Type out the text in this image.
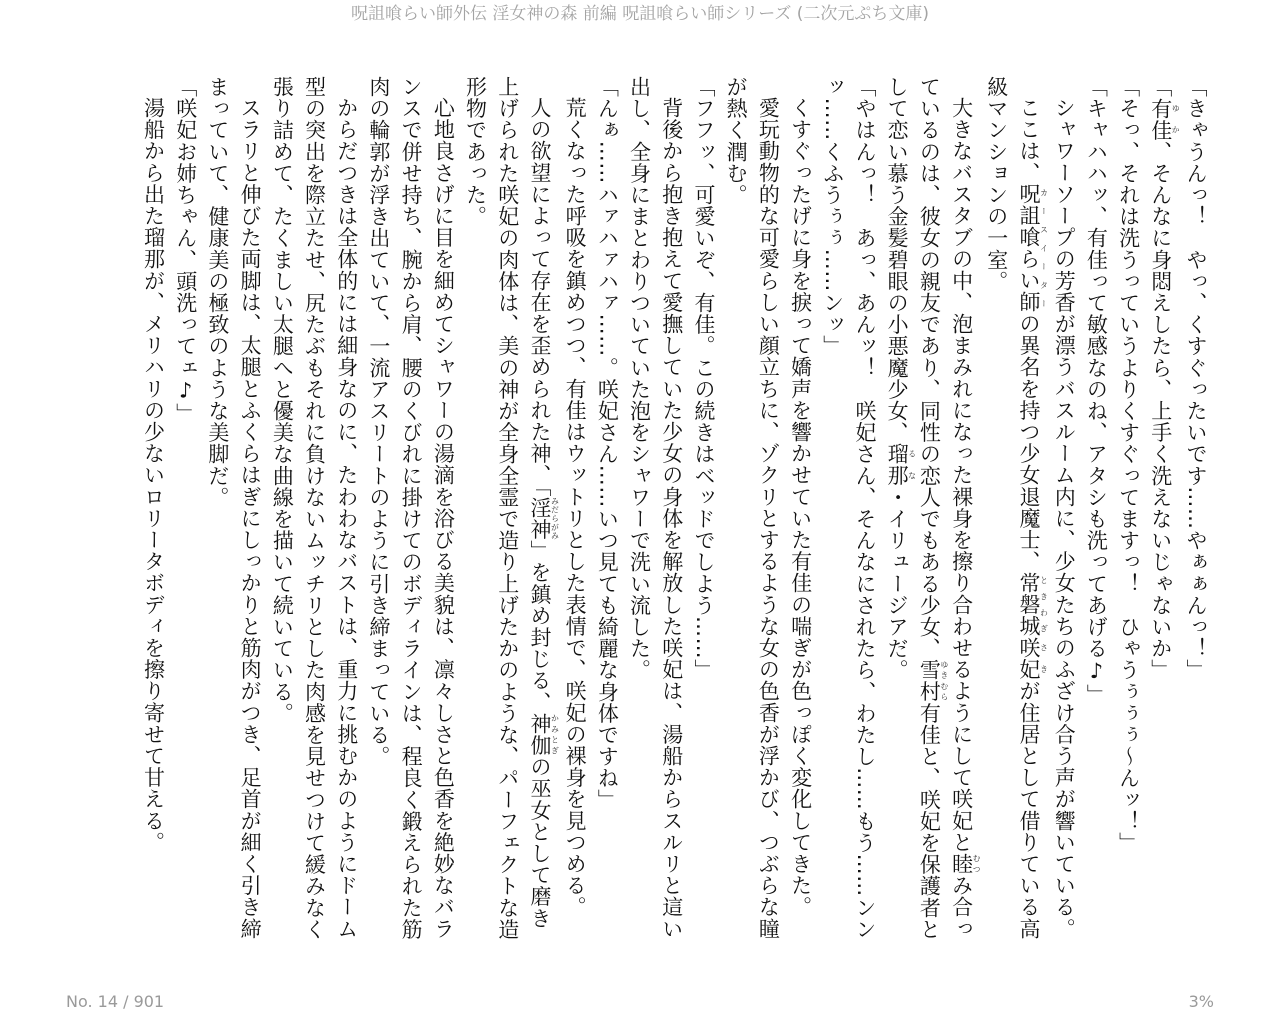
呪詛喰らい師外伝 淫女神の森 前編 呪詛喰らい師シリーズ (二次元ぷち文庫)

「きゃうんっ！　やっ、くすぐったいです……やぁぁんっ！」

「有佳ゆか、そんなに身悶えしたら、上手く洗えないじゃないか」

「そっ、それは洗うっていうよりくすぐってますっ！　ひゃうぅぅぅ～んッ！」

「キャハハッ、有佳って敏感なのね、アタシも洗ってあげる♪」

シャワーソープの芳香が漂うバスルーム内に、少女たちのふざけ合う声が響いている。

ここは、呪詛喰らい師カースイーターの異名を持つ少女退魔士、常磐城ときわぎ咲妃さきが住居として借りている高級マンションの一室。

大きなバスタブの中、泡まみれになった裸身を擦り合わせるようにして咲妃と睦むつみ合っているのは、彼女の親友であり、同性の恋人でもある少女、雪村ゆきむら有佳と、咲妃を保護者として恋い慕う金髪碧眼の小悪魔少女、瑠那るな・イリュージアだ。

「やはんっ！　あっ、あんッ！　咲妃さん、そんなにされたら、わたし……もう……ンンッ……くふうぅぅ……ンッ」

くすぐったげに身を捩って嬌声を響かせていた有佳の喘ぎが色っぽく変化してきた。

愛玩動物的な可愛らしい顔立ちに、ゾクリとするような女の色香が浮かび、つぶらな瞳が熱く潤む。

「フフッ、可愛いぞ、有佳。この続きはベッドでしよう……」

背後から抱き抱えて愛撫していた少女の身体を解放した咲妃は、湯船からスルリと這い出し、全身にまとわりついていた泡をシャワーで洗い流した。

「んぁ……ハァハァハァ……。咲妃さん……いつ見ても綺麗な身体ですね」

荒くなった呼吸を鎮めつつ、有佳はウットリとした表情で、咲妃の裸身を見つめる。

人の欲望によって存在を歪められた神、「淫神みだらがみ」を鎮め封じる、神伽かみとぎの巫女として磨き上げられた咲妃の肉体は、美の神が全身全霊で造り上げたかのような、パーフェクトな造形物であった。

心地良さげに目を細めてシャワーの湯滴を浴びる美貌は、凛々しさと色香を絶妙なバランスで併せ持ち、腕から肩、腰のくびれに掛けてのボディラインは、程良く鍛えられた筋肉の輪郭が浮き出ていて、一流アスリートのように引き締まっている。

からだつきは全体的には細身なのに、たわわなバストは、重力に挑むかのようにドーム型の突出を際立たせ、尻たぶもそれに負けないムッチリとした肉感を見せつけて緩みなく張り詰めて、たくましい太腿へと優美な曲線を描いて続いている。

スラリと伸びた両脚は、太腿とふくらはぎにしっかりと筋肉がつき、足首が細く引き締まっていて、健康美の極致のような美脚だ。

「咲妃お姉ちゃん、頭洗ってェ♪」

湯船から出た瑠那が、メリハリの少ないロリータボディを擦り寄せて甘える。

No. 14 / 901	3%
